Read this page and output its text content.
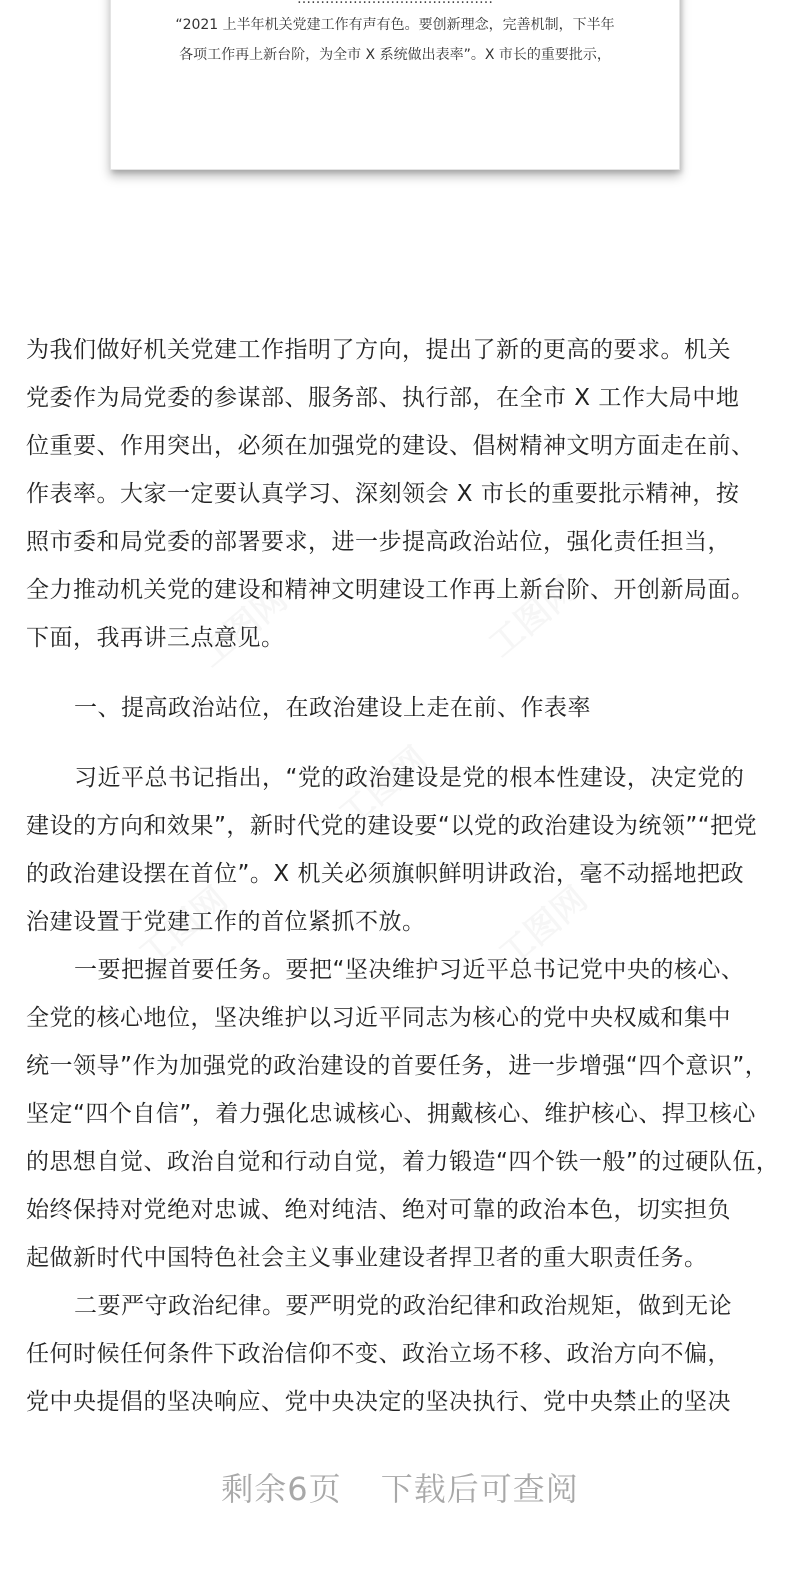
“2021 上半年机关党建工作有声有色。要创新理念，完善机制，下半年
各项工作再上新台阶，为全市 X 系统做出表率”。X 市长的重要批示，
为我们做好机关党建工作指明了方向，提出了新的更高的要求。机关
党委作为局党委的参谋部、服务部、执行部，在全市 X 工作大局中地
位重要、作用突出，必须在加强党的建设、倡树精神文明方面走在前、
作表率。大家一定要认真学习、深刻领会 X 市长的重要批示精神，按
照市委和局党委的部署要求，进一步提高政治站位，强化责任担当，
全力推动机关党的建设和精神文明建设工作再上新台阶、开创新局面。
下面，我再讲三点意见。
一、提高政治站位，在政治建设上走在前、作表率
习近平总书记指出，“党的政治建设是党的根本性建设，决定党的
建设的方向和效果”，新时代党的建设要“以党的政治建设为统领”“把党
的政治建设摆在首位”。X 机关必须旗帜鲜明讲政治，毫不动摇地把政
治建设置于党建工作的首位紧抓不放。
一要把握首要任务。要把“坚决维护习近平总书记党中央的核心、
全党的核心地位，坚决维护以习近平同志为核心的党中央权威和集中
统一领导”作为加强党的政治建设的首要任务，进一步增强“四个意识”，
坚定“四个自信”，着力强化忠诚核心、拥戴核心、维护核心、捍卫核心
的思想自觉、政治自觉和行动自觉，着力锻造“四个铁一般”的过硬队伍，
始终保持对党绝对忠诚、绝对纯洁、绝对可靠的政治本色，切实担负
起做新时代中国特色社会主义事业建设者捍卫者的重大职责任务。
二要严守政治纪律。要严明党的政治纪律和政治规矩，做到无论
任何时候任何条件下政治信仰不变、政治立场不移、政治方向不偏，
党中央提倡的坚决响应、党中央决定的坚决执行、党中央禁止的坚决
剩余6页 下载后可查阅
